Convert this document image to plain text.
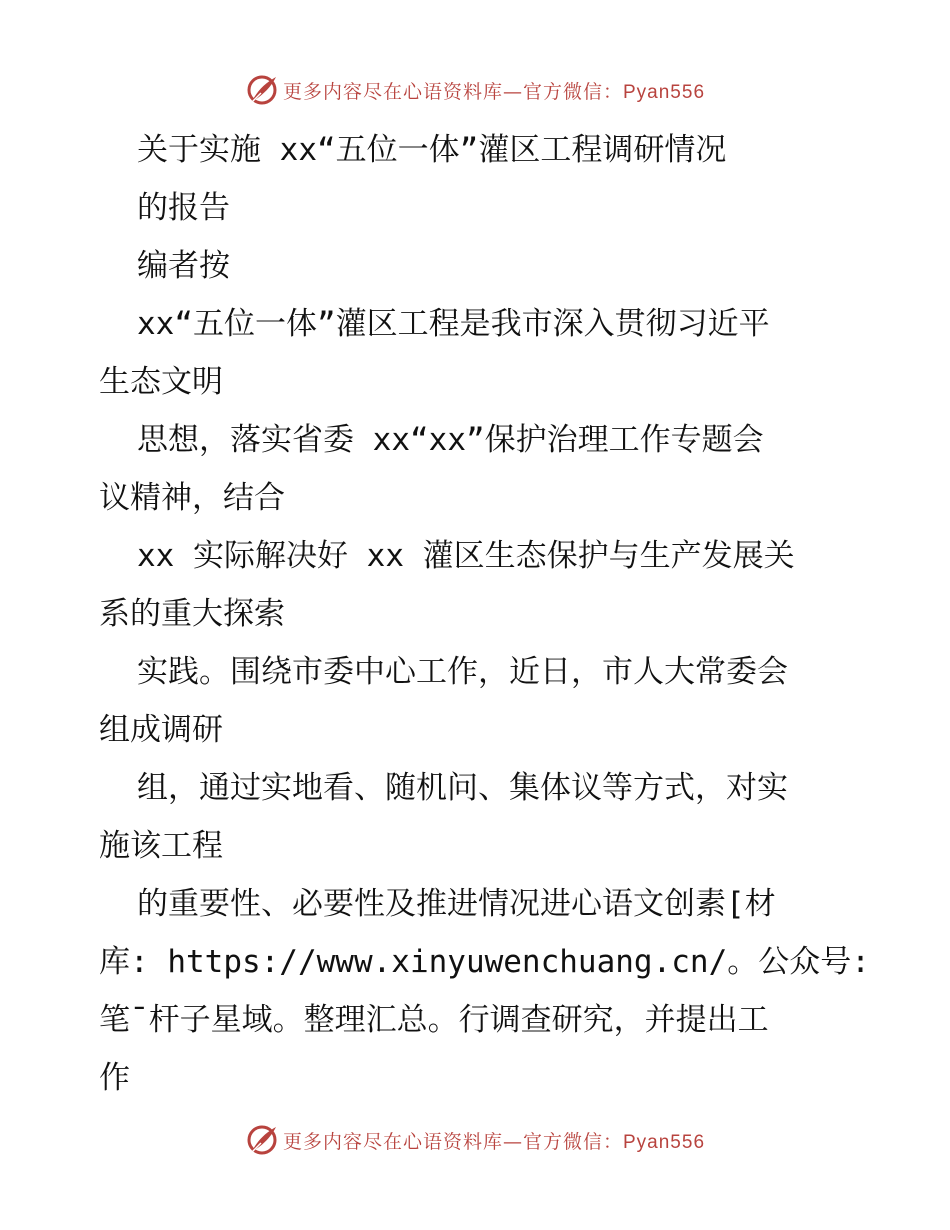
更多内容尽在心语资料库—官方微信：Pyan556
关于实施 xx“五位一体”灌区工程调研情况
的报告
编者按
xx“五位一体”灌区工程是我市深入贯彻习近平
生态文明
思想，落实省委 xx“xx”保护治理工作专题会
议精神，结合
xx 实际解决好 xx 灌区生态保护与生产发展关
系的重大探索
实践。围绕市委中心工作，近日，市人大常委会
组成调研
组，通过实地看、随机问、集体议等方式，对实
施该工程
的重要性、必要性及推进情况进心语文创素[材
库: https://www.xinyuwenchuang.cn/。公众号:
笔¯杆子星域。整理汇总。行调查研究，并提出工
作
更多内容尽在心语资料库—官方微信：Pyan556
